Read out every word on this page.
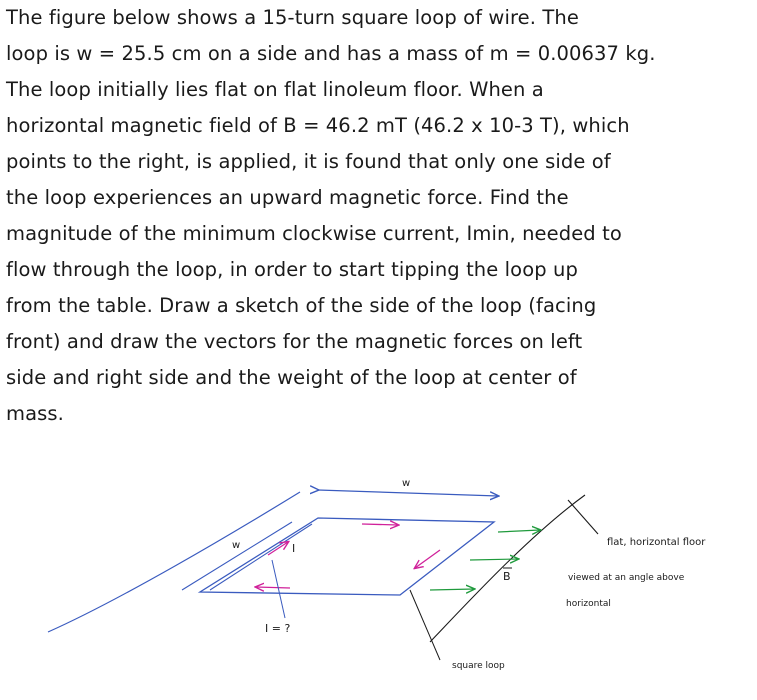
The figure below shows a 15-turn square loop of wire. The

loop is w = 25.5 cm on a side and has a mass of m = 0.00637 kg.

The loop initially lies flat on flat linoleum floor. When a

horizontal magnetic field of B = 46.2 mT (46.2 x 10-3 T), which

points to the right, is applied, it is found that only one side of

the loop experiences an upward magnetic force. Find the

magnitude of the minimum clockwise current, Imin, needed to

flow through the loop, in order to start tipping the loop up

from the table. Draw a sketch of the side of the loop (facing

front) and draw the vectors for the magnetic forces on left

side and right side and the weight of the loop at center of

mass.

w
w	I
B
I = ?
flat, horizontal floor
viewed at an angle above
horizontal
square loop
